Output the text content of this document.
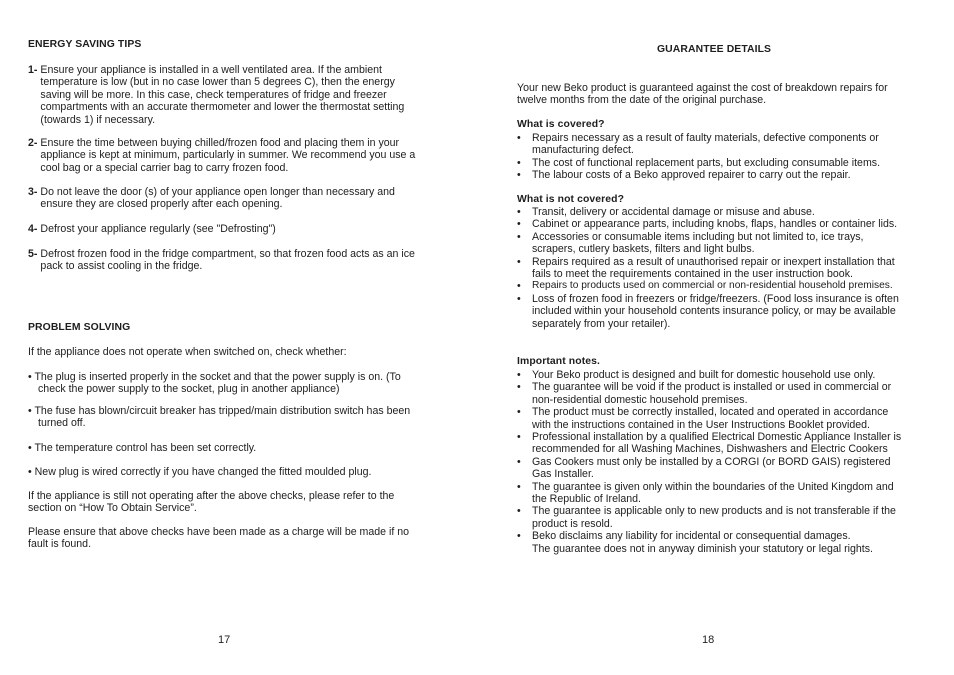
ENERGY SAVING TIPS
1- Ensure your appliance is installed in a well ventilated area. If the ambient temperature is low (but in no case lower than 5 degrees C), then the energy saving will be more. In this case, check temperatures of fridge and freezer compartments with an accurate thermometer and lower the thermostat setting (towards 1) if necessary.
2- Ensure the time between buying chilled/frozen food and placing them in your appliance is kept at minimum, particularly in summer. We recommend you use a cool bag or a special carrier bag to carry frozen food.
3- Do not leave the door (s) of your appliance open longer than necessary and ensure they are closed properly after each opening.
4- Defrost your appliance regularly (see "Defrosting")
5- Defrost frozen food in the fridge compartment, so that frozen food acts as an ice pack to assist cooling in the fridge.
PROBLEM SOLVING

If the appliance does not operate when switched on, check whether:

• The plug is inserted properly in the socket and that the power supply is on. (To check the power supply to the socket, plug in another appliance)

• The fuse has blown/circuit breaker has tripped/main distribution switch has been turned off.

• The temperature control has been set correctly.

• New plug is wired correctly if you have changed the fitted moulded plug.

If the appliance is still not operating after the above checks, please refer to the section on “How To Obtain Service”.

Please ensure that above checks have been made as a charge will be made if no fault is found.

17
GUARANTEE DETAILS

Your new Beko product is guaranteed against the cost of breakdown repairs for twelve months from the date of the original purchase.

What is covered?
•	Repairs necessary as a result of faulty materials, defective components or manufacturing defect.
•	The cost of functional replacement parts, but excluding consumable items.
•	The labour costs of a Beko approved repairer to carry out the repair.
What is not covered?
•	Transit, delivery or accidental damage or misuse and abuse.
•	Cabinet or appearance parts, including knobs, flaps, handles or container lids.
•	Accessories or consumable items including but not limited to, ice trays, scrapers, cutlery baskets, filters and light bulbs.
•	Repairs required as a result of unauthorised repair or inexpert installation that fails to meet the requirements contained in the user instruction book.
•	Repairs to products used on commercial or non-residential household premises.
•	Loss of frozen food in freezers or fridge/freezers. (Food loss insurance is often included within your household contents insurance policy, or may be available separately from your retailer).
Important notes.
•	Your Beko product is designed and built for domestic household use only.
•	The guarantee will be void if the product is installed or used in commercial or non-residential domestic household premises.
•	The product must be correctly installed, located and operated in accordance with the instructions contained in the User Instructions Booklet provided.
•	Professional installation by a qualified Electrical Domestic Appliance Installer is recommended for all Washing Machines, Dishwashers and Electric Cookers
•	Gas Cookers must only be installed by a CORGI (or BORD GAIS) registered Gas Installer.
•	The guarantee is given only within the boundaries of the United Kingdom and the Republic of Ireland.
•	The guarantee is applicable only to new products and is not transferable if the product is resold.
•	Beko disclaims any liability for incidental or consequential damages.
The guarantee does not in anyway diminish your statutory or legal rights.
18
